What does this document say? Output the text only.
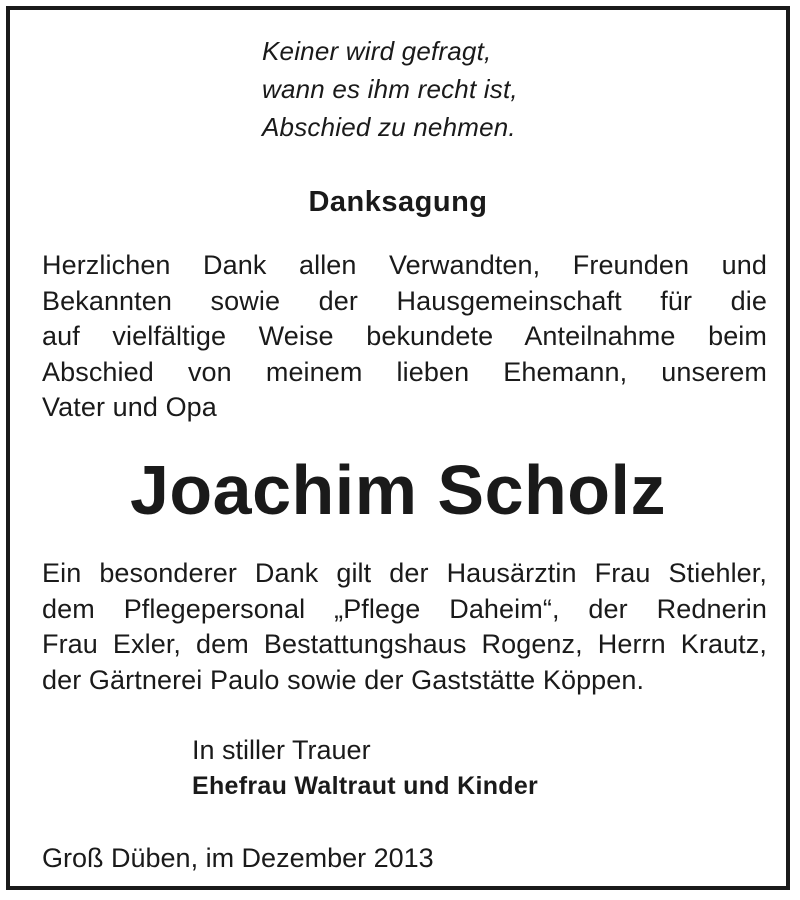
Keiner wird gefragt,
wann es ihm recht ist,
Abschied zu nehmen.
Danksagung
Herzlichen Dank allen Verwandten, Freunden und
Bekannten sowie der Hausgemeinschaft für die
auf vielfältige Weise bekundete Anteilnahme beim
Abschied von meinem lieben Ehemann, unserem
Vater und Opa
Joachim Scholz
Ein besonderer Dank gilt der Hausärztin Frau Stiehler,
dem Pflegepersonal „Pflege Daheim“, der Rednerin
Frau Exler, dem Bestattungshaus Rogenz, Herrn Krautz,
der Gärtnerei Paulo sowie der Gaststätte Köppen.
In stiller Trauer
Ehefrau Waltraut und Kinder
Groß Düben, im Dezember 2013
